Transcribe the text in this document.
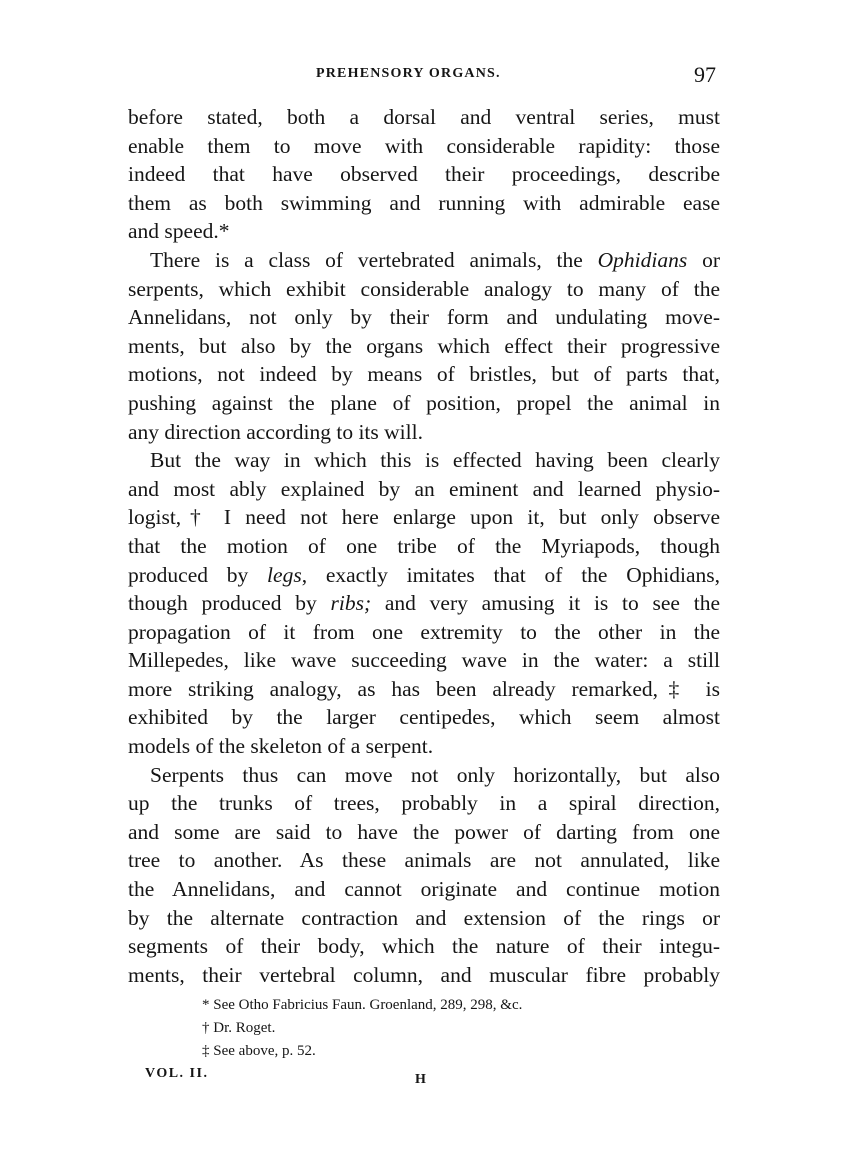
PREHENSORY ORGANS.	97
before stated, both a dorsal and ventral series, must
enable them to move with considerable rapidity: those
indeed that have observed their proceedings, describe
them as both swimming and running with admirable ease
and speed.*
There is a class of vertebrated animals, the Ophidians or
serpents, which exhibit considerable analogy to many of the
Annelidans, not only by their form and undulating move-
ments, but also by the organs which effect their progressive
motions, not indeed by means of bristles, but of parts that,
pushing against the plane of position, propel the animal in
any direction according to its will.
But the way in which this is effected having been clearly
and most ably explained by an eminent and learned physio-
logist,† I need not here enlarge upon it, but only observe
that the motion of one tribe of the Myriapods, though
produced by legs, exactly imitates that of the Ophidians,
though produced by ribs; and very amusing it is to see the
propagation of it from one extremity to the other in the
Millepedes, like wave succeeding wave in the water: a still
more striking analogy, as has been already remarked,‡ is
exhibited by the larger centipedes, which seem almost
models of the skeleton of a serpent.
Serpents thus can move not only horizontally, but also
up the trunks of trees, probably in a spiral direction,
and some are said to have the power of darting from one
tree to another. As these animals are not annulated, like
the Annelidans, and cannot originate and continue motion
by the alternate contraction and extension of the rings or
segments of their body, which the nature of their integu-
ments, their vertebral column, and muscular fibre probably
* See Otho Fabricius Faun. Groenland, 289, 298, &c.
† Dr. Roget.
‡ See above, p. 52.
VOL. II.	H
